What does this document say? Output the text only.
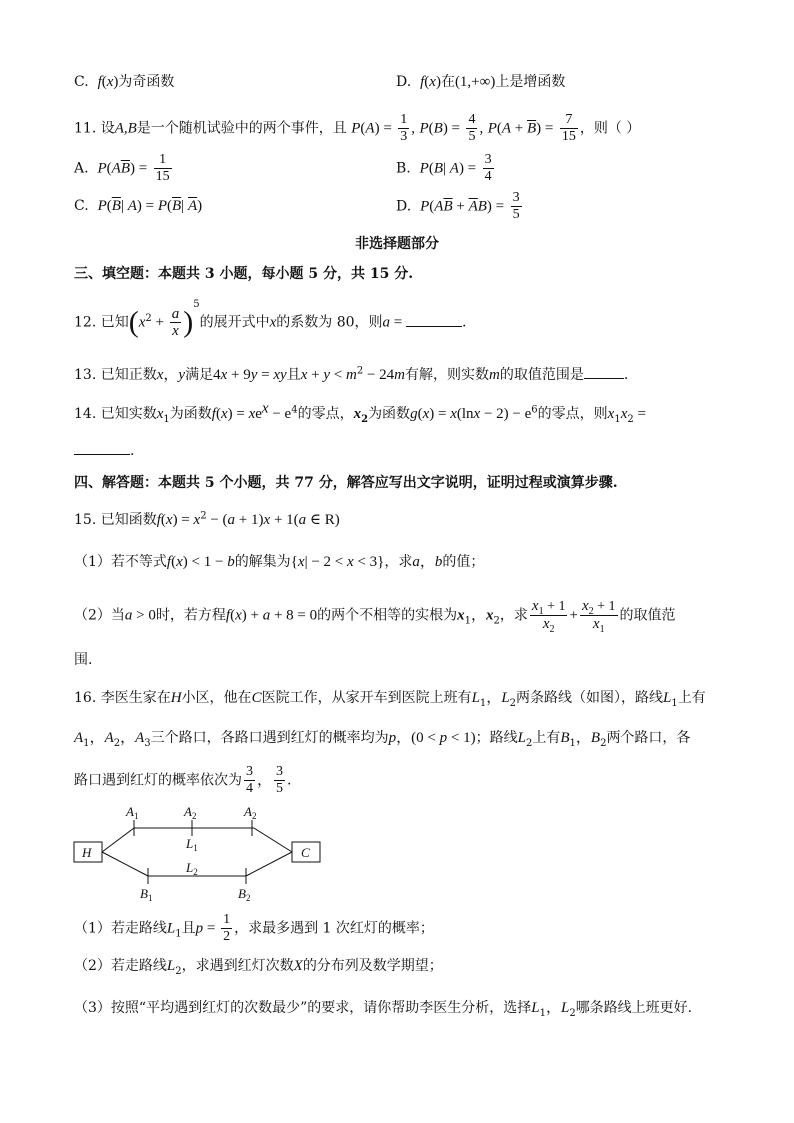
C. f(x)为奇函数	D. f(x)在(1,+∞)上是增函数
11. 设A,B是一个随机试验中的两个事件，且 $P(A) = \frac{1}{3}$ , $P(B) = \frac{4}{5}$ , $P(A + \overline{B}) = \frac{7}{15}$ ，则（ ）
A. $P(A\overline{B}) = \frac{1}{15}$	B. P(B| $A) = \frac{3}{4}$
C. $P(\overline{B}|$ $A) = P(\overline{B}|$ $\overline{A}$)	D. $P(A\overline{B} + \overline{A}B) = \frac{3}{5}$
非选择题部分
三、填空题：本题共 3 小题，每小题 5 分，共 15 分.
12. 已知$(x^2 + \frac{a}{x} )^5$的展开式中x的系数为 80，则a =	.
13. 已知正数x，y满足4x + 9y = xy且$x + y < m^2 - 24m$有解，则实数m的取值范围是	.
14. 已知实数$x_1$为函数$f(x) = xe^x - e^4$的零点，$x_2$为函数$g(x) = x(\ln x - 2) - e^6$的零点，则$x_1x_2$ =
.
四、解答题：本题共 5 个小题，共 77 分，解答应写出文字说明，证明过程或演算步骤.
15. 已知函数$f(x) = x^2 - (a + 1)x + 1(a$ ∈ R)
（1）若不等式f(x) < 1 − b的解集为{x| − 2 < x < 3}，求a，b的值；
（2）当a > 0时，若方程f(x) + a + 8 = 0的两个不相等的实根为$x_1$，$x_2$，求 $\frac{x_1 + 1}{x_2} + \frac{x_2 + 1}{x_1}$ 的取值范
围.
16. 李医生家在H小区，他在C医院工作，从家开车到医院上班有$L_1$，$L_2$两条路线（如图），路线$L_1$上有
$A_1$，$A_2$，$A_3$三个路口，各路口遇到红灯的概率均为p，(0 < p < 1)；路线$L_2$上有$B_1$，$B_2$两个路口，各
路口遇到红灯的概率依次为 $\frac{3}{4}$ ， $\frac{3}{5}$ .
H	C
$A_1$	$A_2$	$A_2$
$L_1$
$L_2$
$B_1$	$B_2$
（1）若走路线$L_1$且$p = \frac{1}{2}$ ，求最多遇到 1 次红灯的概率；
（2）若走路线$L_2$，求遇到红灯次数X的分布列及数学期望；
（3）按照“平均遇到红灯的次数最少”的要求，请你帮助李医生分析，选择$L_1$，$L_2$哪条路线上班更好.
